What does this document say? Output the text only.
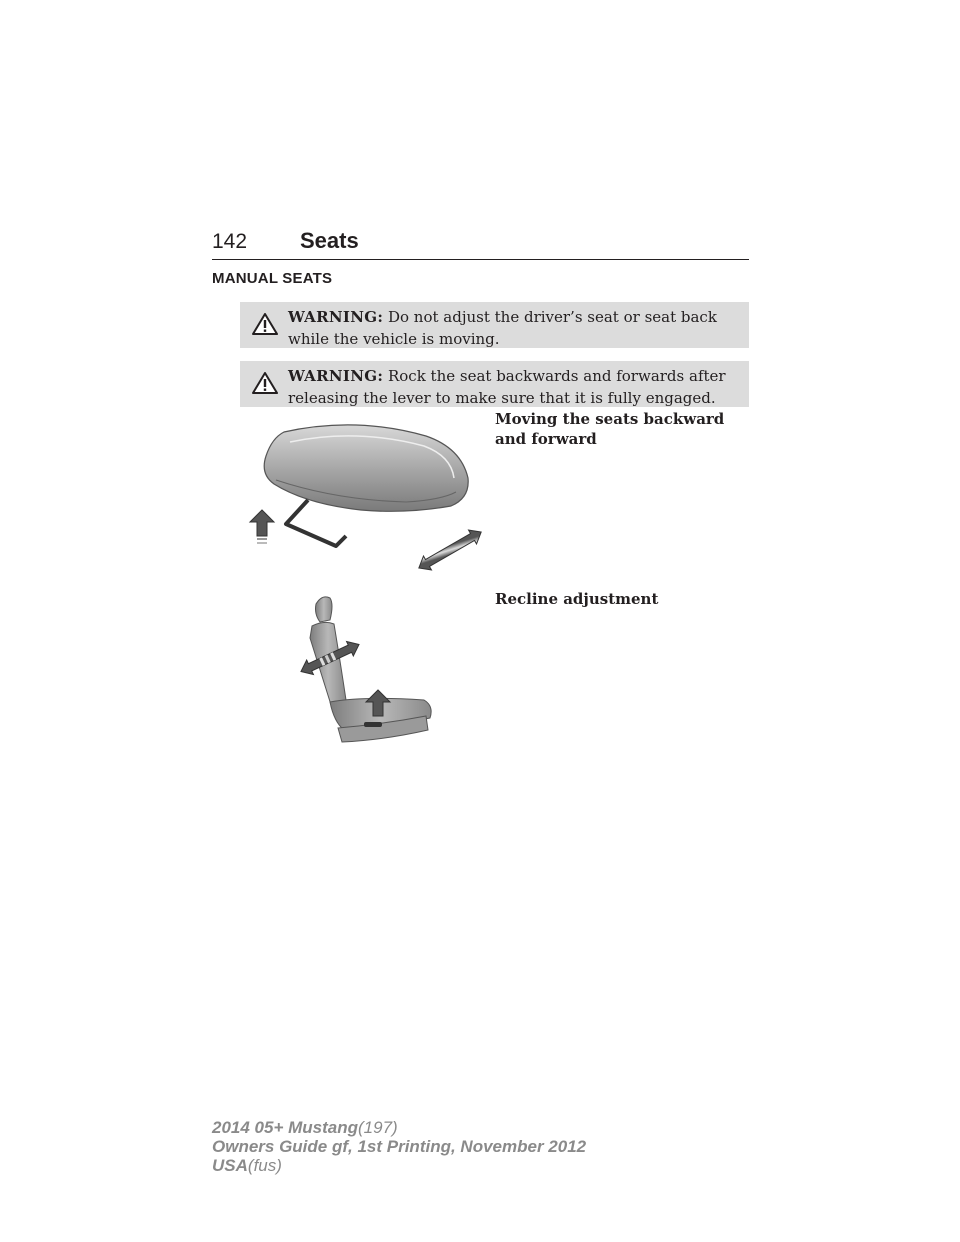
142 Seats
MANUAL SEATS
WARNING: Do not adjust the driver’s seat or seat back while the vehicle is moving.
WARNING: Rock the seat backwards and forwards after releasing the lever to make sure that it is fully engaged.
Moving the seats backward and forward
Recline adjustment
2014 05+ Mustang(197)
Owners Guide gf, 1st Printing, November 2012
USA(fus)
